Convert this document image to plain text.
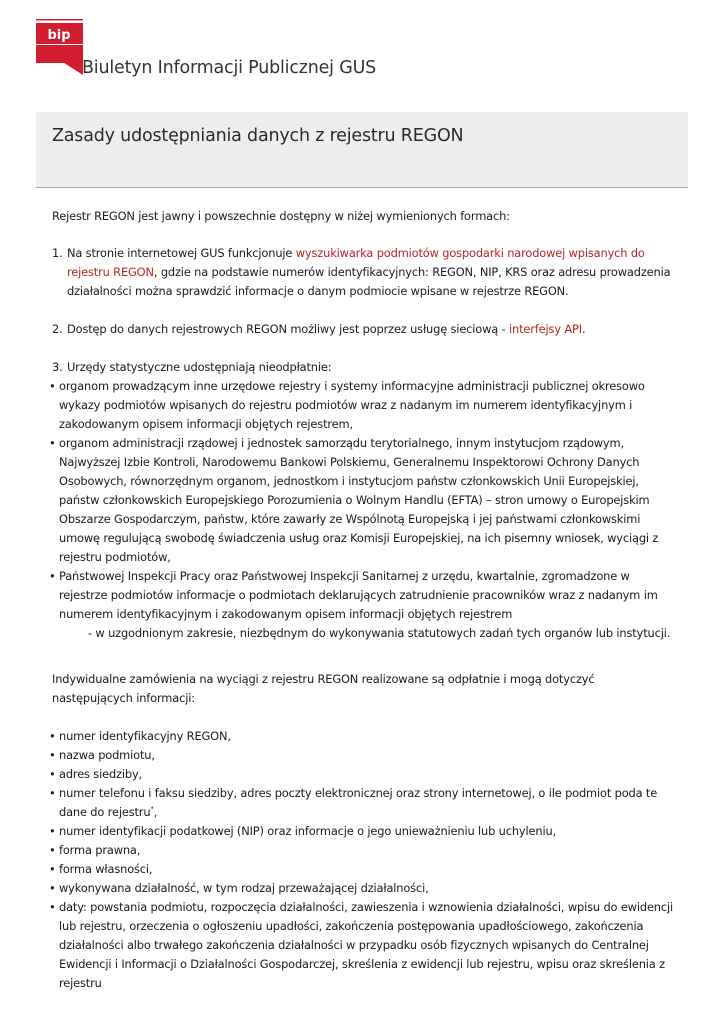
bip
Biuletyn Informacji Publicznej GUS
Zasady udostępniania danych z rejestru REGON

Rejestr REGON jest jawny i powszechnie dostępny w niżej wymienionych formach:

1. Na stronie internetowej GUS funkcjonuje wyszukiwarka podmiotów gospodarki narodowej wpisanych do rejestru REGON, gdzie na podstawie numerów identyfikacyjnych: REGON, NIP, KRS oraz adresu prowadzenia działalności można sprawdzić informacje o danym podmiocie wpisane w rejestrze REGON.
2. Dostęp do danych rejestrowych REGON możliwy jest poprzez usługę sieciową - interfejsy API.
3. Urzędy statystyczne udostępniają nieodpłatnie:
• organom prowadzącym inne urzędowe rejestry i systemy informacyjne administracji publicznej okresowo wykazy podmiotów wpisanych do rejestru podmiotów wraz z nadanym im numerem identyfikacyjnym i zakodowanym opisem informacji objętych rejestrem,
• organom administracji rządowej i jednostek samorządu terytorialnego, innym instytucjom rządowym, Najwyższej Izbie Kontroli, Narodowemu Bankowi Polskiemu, Generalnemu Inspektorowi Ochrony Danych Osobowych, równorzędnym organom, jednostkom i instytucjom państw członkowskich Unii Europejskiej, państw członkowskich Europejskiego Porozumienia o Wolnym Handlu (EFTA) – stron umowy o Europejskim Obszarze Gospodarczym, państw, które zawarły ze Wspólnotą Europejską i jej państwami członkowskimi umowę regulującą swobodę świadczenia usług oraz Komisji Europejskiej, na ich pisemny wniosek, wyciągi z rejestru podmiotów,
• Państwowej Inspekcji Pracy oraz Państwowej Inspekcji Sanitarnej z urzędu, kwartalnie, zgromadzone w rejestrze podmiotów informacje o podmiotach deklarujących zatrudnienie pracowników wraz z nadanym im numerem identyfikacyjnym i zakodowanym opisem informacji objętych rejestrem
- w uzgodnionym zakresie, niezbędnym do wykonywania statutowych zadań tych organów lub instytucji.

Indywidualne zamówienia na wyciągi z rejestru REGON realizowane są odpłatnie i mogą dotyczyć następujących informacji:

• numer identyfikacyjny REGON,
• nazwa podmiotu,
• adres siedziby,
• numer telefonu i faksu siedziby, adres poczty elektronicznej oraz strony internetowej, o ile podmiot poda te dane do rejestru*,
• numer identyfikacji podatkowej (NIP) oraz informacje o jego unieważnieniu lub uchyleniu,
• forma prawna,
• forma własności,
• wykonywana działalność, w tym rodzaj przeważającej działalności,
• daty: powstania podmiotu, rozpoczęcia działalności, zawieszenia i wznowienia działalności, wpisu do ewidencji lub rejestru, orzeczenia o ogłoszeniu upadłości, zakończenia postępowania upadłościowego, zakończenia działalności albo trwałego zakończenia działalności w przypadku osób fizycznych wpisanych do Centralnej Ewidencji i Informacji o Działalności Gospodarczej, skreślenia z ewidencji lub rejestru, wpisu oraz skreślenia z rejestru
